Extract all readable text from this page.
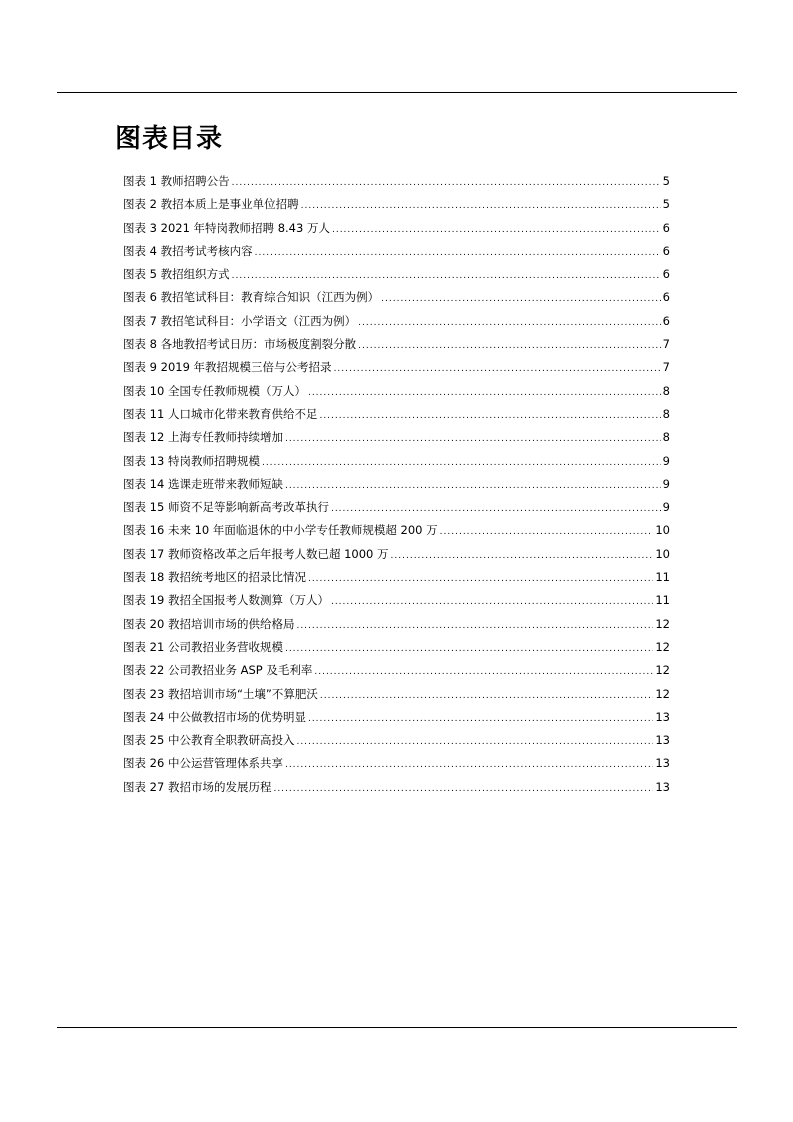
图表目录
图表 1 教师招聘公告 .....	5
图表 2 教招本质上是事业单位招聘 .....	5
图表 3 2021 年特岗教师招聘 8.43 万人 .....	6
图表 4 教招考试考核内容 .....	6
图表 5 教招组织方式 .....	6
图表 6 教招笔试科目：教育综合知识（江西为例） .....	6
图表 7 教招笔试科目：小学语文（江西为例） .....	6
图表 8 各地教招考试日历：市场极度割裂分散 .....	7
图表 9 2019 年教招规模三倍与公考招录 .....	7
图表 10 全国专任教师规模（万人） .....	8
图表 11 人口城市化带来教育供给不足 .....	8
图表 12 上海专任教师持续增加 .....	8
图表 13 特岗教师招聘规模 .....	9
图表 14 选课走班带来教师短缺 .....	9
图表 15 师资不足等影响新高考改革执行 .....	9
图表 16 未来 10 年面临退休的中小学专任教师规模超 200 万 .....	10
图表 17 教师资格改革之后年报考人数已超 1000 万 .....	10
图表 18 教招统考地区的招录比情况 .....	11
图表 19 教招全国报考人数测算（万人） .....	11
图表 20 教招培训市场的供给格局 .....	12
图表 21 公司教招业务营收规模 .....	12
图表 22 公司教招业务 ASP 及毛利率 .....	12
图表 23 教招培训市场“土壤”不算肥沃 .....	12
图表 24 中公做教招市场的优势明显 .....	13
图表 25 中公教育全职教研高投入 .....	13
图表 26 中公运营管理体系共享 .....	13
图表 27 教招市场的发展历程 .....	13
